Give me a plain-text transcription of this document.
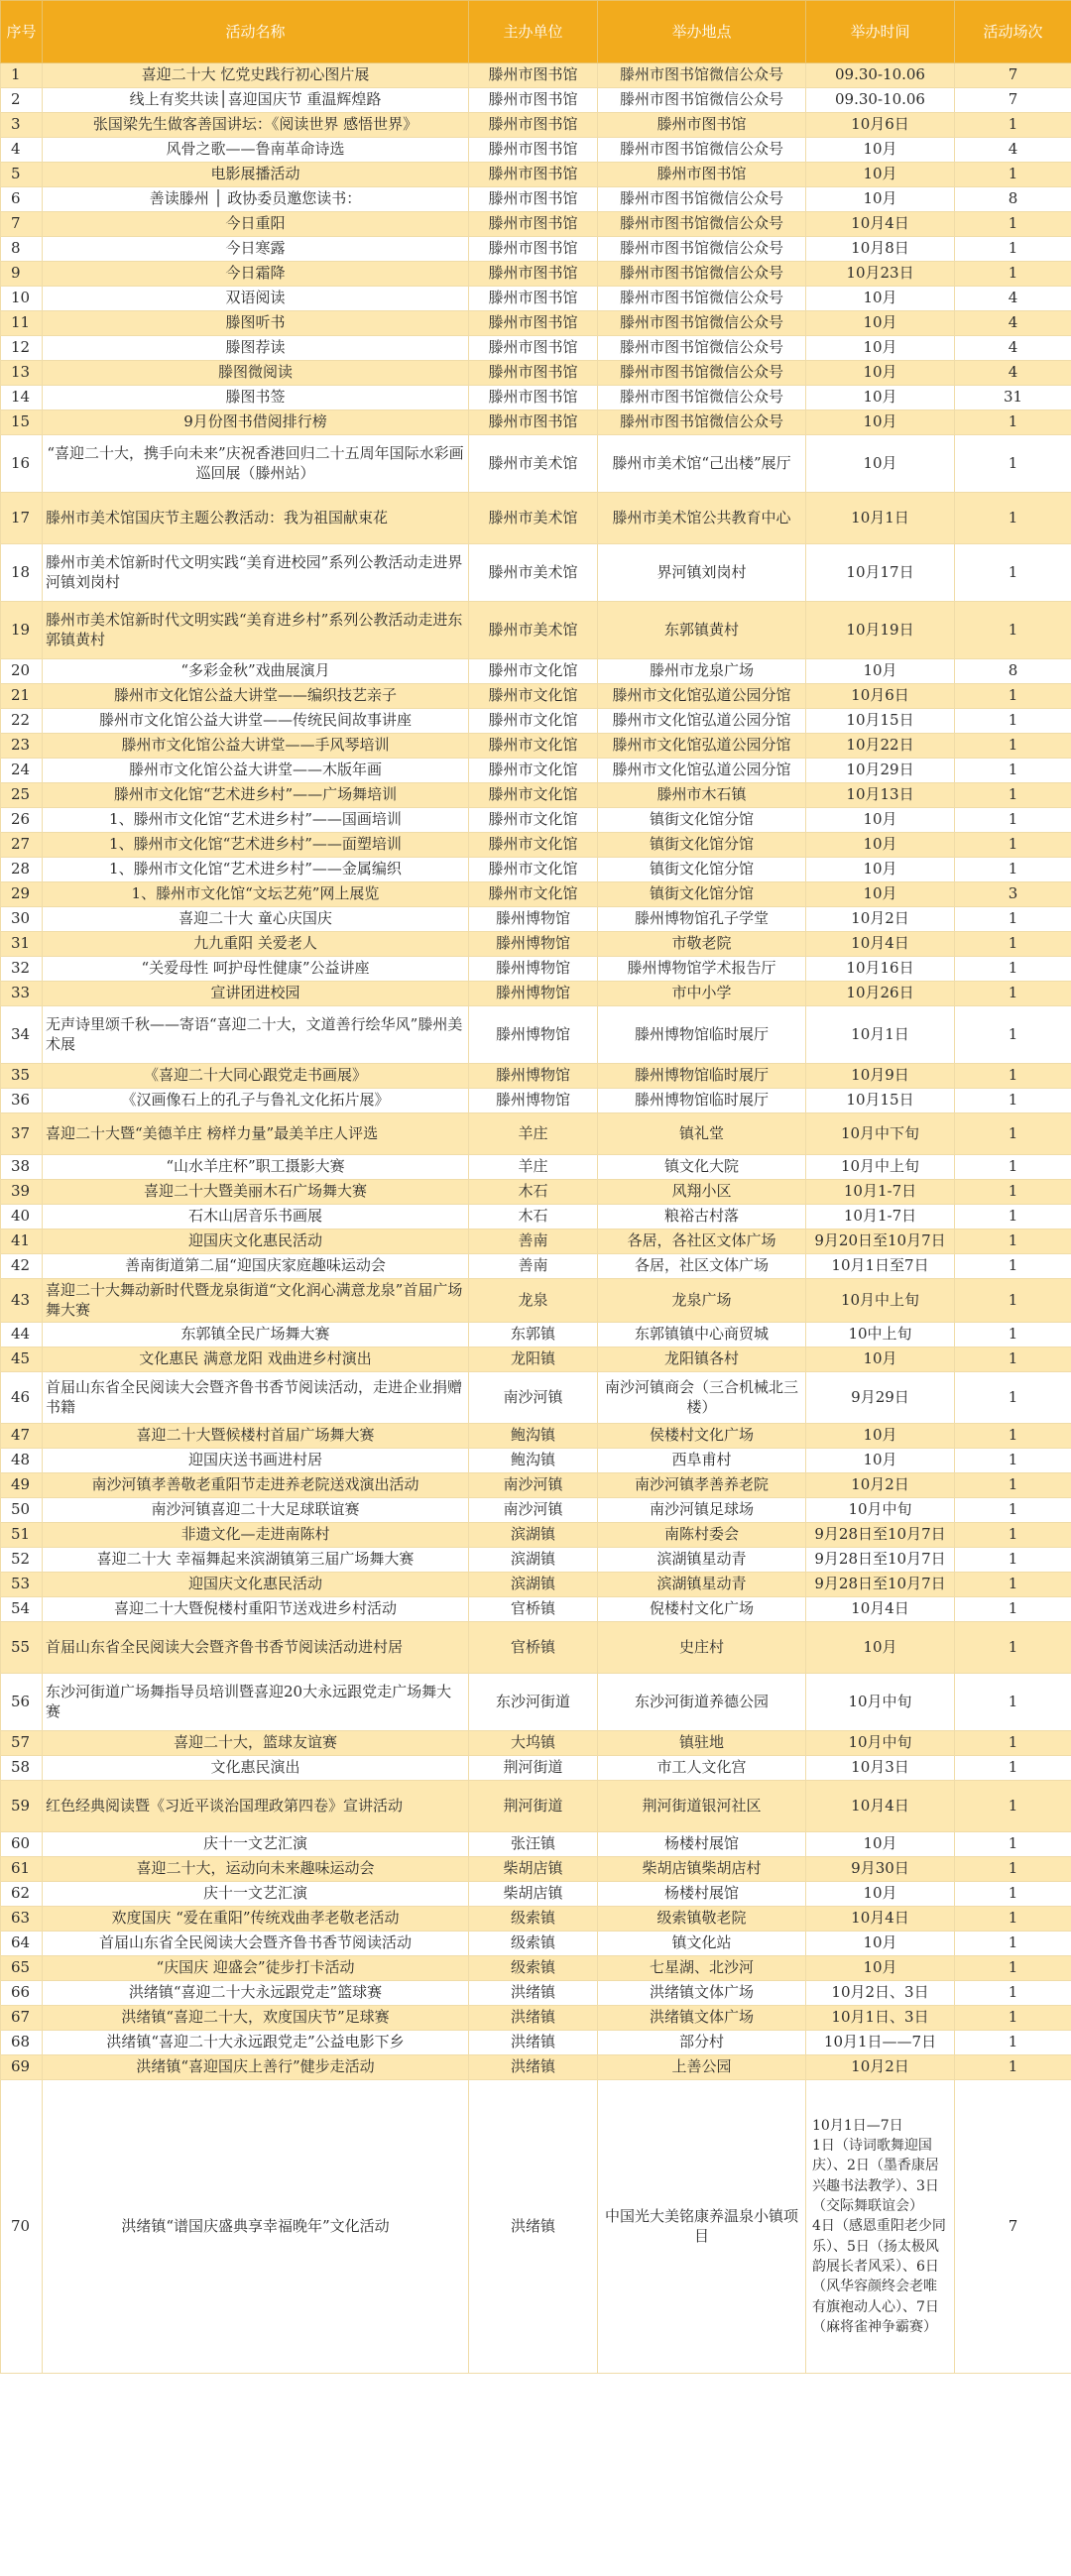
序号	活动名称	主办单位	举办地点	举办时间	活动场次
1	喜迎二十大 忆党史践行初心图片展	滕州市图书馆	滕州市图书馆微信公众号	09.30-10.06	7
2	线上有奖共读│喜迎国庆节 重温辉煌路	滕州市图书馆	滕州市图书馆微信公众号	09.30-10.06	7
3	张国梁先生做客善国讲坛：《阅读世界 感悟世界》	滕州市图书馆	滕州市图书馆	10月6日	1
4	风骨之歌——鲁南革命诗选	滕州市图书馆	滕州市图书馆微信公众号	10月	4
5	电影展播活动	滕州市图书馆	滕州市图书馆	10月	1
6	善读滕州 │ 政协委员邀您读书：	滕州市图书馆	滕州市图书馆微信公众号	10月	8
7	今日重阳	滕州市图书馆	滕州市图书馆微信公众号	10月4日	1
8	今日寒露	滕州市图书馆	滕州市图书馆微信公众号	10月8日	1
9	今日霜降	滕州市图书馆	滕州市图书馆微信公众号	10月23日	1
10	双语阅读	滕州市图书馆	滕州市图书馆微信公众号	10月	4
11	滕图听书	滕州市图书馆	滕州市图书馆微信公众号	10月	4
12	滕图荐读	滕州市图书馆	滕州市图书馆微信公众号	10月	4
13	滕图微阅读	滕州市图书馆	滕州市图书馆微信公众号	10月	4
14	滕图书签	滕州市图书馆	滕州市图书馆微信公众号	10月	31
15	9月份图书借阅排行榜	滕州市图书馆	滕州市图书馆微信公众号	10月	1
16	“喜迎二十大，携手向未来”庆祝香港回归二十五周年国际水彩画巡回展（滕州站）	滕州市美术馆	滕州市美术馆“己出楼”展厅	10月	1
17	滕州市美术馆国庆节主题公教活动：我为祖国献束花	滕州市美术馆	滕州市美术馆公共教育中心	10月1日	1
18	滕州市美术馆新时代文明实践“美育进校园”系列公教活动走进界河镇刘岗村	滕州市美术馆	界河镇刘岗村	10月17日	1
19	滕州市美术馆新时代文明实践“美育进乡村”系列公教活动走进东郭镇黄村	滕州市美术馆	东郭镇黄村	10月19日	1
20	“多彩金秋”戏曲展演月	滕州市文化馆	滕州市龙泉广场	10月	8
21	滕州市文化馆公益大讲堂——编织技艺亲子	滕州市文化馆	滕州市文化馆弘道公园分馆	10月6日	1
22	滕州市文化馆公益大讲堂——传统民间故事讲座	滕州市文化馆	滕州市文化馆弘道公园分馆	10月15日	1
23	滕州市文化馆公益大讲堂——手风琴培训	滕州市文化馆	滕州市文化馆弘道公园分馆	10月22日	1
24	滕州市文化馆公益大讲堂——木版年画	滕州市文化馆	滕州市文化馆弘道公园分馆	10月29日	1
25	滕州市文化馆“艺术进乡村”——广场舞培训	滕州市文化馆	滕州市木石镇	10月13日	1
26	1、滕州市文化馆“艺术进乡村”——国画培训	滕州市文化馆	镇街文化馆分馆	10月	1
27	1、滕州市文化馆“艺术进乡村”——面塑培训	滕州市文化馆	镇街文化馆分馆	10月	1
28	1、滕州市文化馆“艺术进乡村”——金属编织	滕州市文化馆	镇街文化馆分馆	10月	1
29	1、滕州市文化馆“文坛艺苑”网上展览	滕州市文化馆	镇街文化馆分馆	10月	3
30	喜迎二十大 童心庆国庆	滕州博物馆	滕州博物馆孔子学堂	10月2日	1
31	九九重阳 关爱老人	滕州博物馆	市敬老院	10月4日	1
32	“关爱母性 呵护母性健康”公益讲座	滕州博物馆	滕州博物馆学术报告厅	10月16日	1
33	宣讲团进校园	滕州博物馆	市中小学	10月26日	1
34	无声诗里颂千秋——寄语“喜迎二十大，文道善行绘华风”滕州美术展	滕州博物馆	滕州博物馆临时展厅	10月1日	1
35	《喜迎二十大同心跟党走书画展》	滕州博物馆	滕州博物馆临时展厅	10月9日	1
36	《汉画像石上的孔子与鲁礼文化拓片展》	滕州博物馆	滕州博物馆临时展厅	10月15日	1
37	喜迎二十大暨“美德羊庄 榜样力量”最美羊庄人评选	羊庄	镇礼堂	10月中下旬	1
38	“山水羊庄杯”职工摄影大赛	羊庄	镇文化大院	10月中上旬	1
39	喜迎二十大暨美丽木石广场舞大赛	木石	风翔小区	10月1-7日	1
40	石木山居音乐书画展	木石	粮裕古村落	10月1-7日	1
41	迎国庆文化惠民活动	善南	各居，各社区文体广场	9月20日至10月7日	1
42	善南街道第二届“迎国庆家庭趣味运动会	善南	各居，社区文体广场	10月1日至7日	1
43	喜迎二十大舞动新时代暨龙泉街道“文化润心满意龙泉”首届广场舞大赛	龙泉	龙泉广场	10月中上旬	1
44	东郭镇全民广场舞大赛	东郭镇	东郭镇镇中心商贸城	10中上旬	1
45	文化惠民 满意龙阳 戏曲进乡村演出	龙阳镇	龙阳镇各村	10月	1
46	首届山东省全民阅读大会暨齐鲁书香节阅读活动，走进企业捐赠书籍	南沙河镇	南沙河镇商会（三合机械北三楼）	9月29日	1
47	喜迎二十大暨候楼村首届广场舞大赛	鲍沟镇	侯楼村文化广场	10月	1
48	迎国庆送书画进村居	鲍沟镇	西阜甫村	10月	1
49	南沙河镇孝善敬老重阳节走进养老院送戏演出活动	南沙河镇	南沙河镇孝善养老院	10月2日	1
50	南沙河镇喜迎二十大足球联谊赛	南沙河镇	南沙河镇足球场	10月中旬	1
51	非遗文化—走进南陈村	滨湖镇	南陈村委会	9月28日至10月7日	1
52	喜迎二十大 幸福舞起来滨湖镇第三届广场舞大赛	滨湖镇	滨湖镇星动青	9月28日至10月7日	1
53	迎国庆文化惠民活动	滨湖镇	滨湖镇星动青	9月28日至10月7日	1
54	喜迎二十大暨倪楼村重阳节送戏进乡村活动	官桥镇	倪楼村文化广场	10月4日	1
55	首届山东省全民阅读大会暨齐鲁书香节阅读活动进村居	官桥镇	史庄村	10月	1
56	东沙河街道广场舞指导员培训暨喜迎20大永远跟党走广场舞大赛	东沙河街道	东沙河街道养德公园	10月中旬	1
57	喜迎二十大，篮球友谊赛	大坞镇	镇驻地	10月中旬	1
58	文化惠民演出	荆河街道	市工人文化宫	10月3日	1
59	红色经典阅读暨《习近平谈治国理政第四卷》宣讲活动	荆河街道	荆河街道银河社区	10月4日	1
60	庆十一文艺汇演	张汪镇	杨楼村展馆	10月	1
61	喜迎二十大，运动向未来趣味运动会	柴胡店镇	柴胡店镇柴胡店村	9月30日	1
62	庆十一文艺汇演	柴胡店镇	杨楼村展馆	10月	1
63	欢度国庆 “爱在重阳”传统戏曲孝老敬老活动	级索镇	级索镇敬老院	10月4日	1
64	首届山东省全民阅读大会暨齐鲁书香节阅读活动	级索镇	镇文化站	10月	1
65	“庆国庆 迎盛会”徒步打卡活动	级索镇	七星湖、北沙河	10月	1
66	洪绪镇“喜迎二十大永远跟党走”篮球赛	洪绪镇	洪绪镇文体广场	10月2日、3日	1
67	洪绪镇“喜迎二十大，欢度国庆节”足球赛	洪绪镇	洪绪镇文体广场	10月1日、3日	1
68	洪绪镇“喜迎二十大永远跟党走”公益电影下乡	洪绪镇	部分村	10月1日——7日	1
69	洪绪镇“喜迎国庆上善行”健步走活动	洪绪镇	上善公园	10月2日	1
70	洪绪镇“谱国庆盛典享幸福晚年”文化活动	洪绪镇	中国光大美铭康养温泉小镇项目	10月1日—7日
1日（诗词歌舞迎国庆）、2日（墨香康居兴趣书法教学）、3日（交际舞联谊会）
4日（感恩重阳老少同乐）、5日（扬太极风韵展长者风采）、6日（风华容颜终会老唯有旗袍动人心）、7日（麻将雀神争霸赛）	7
